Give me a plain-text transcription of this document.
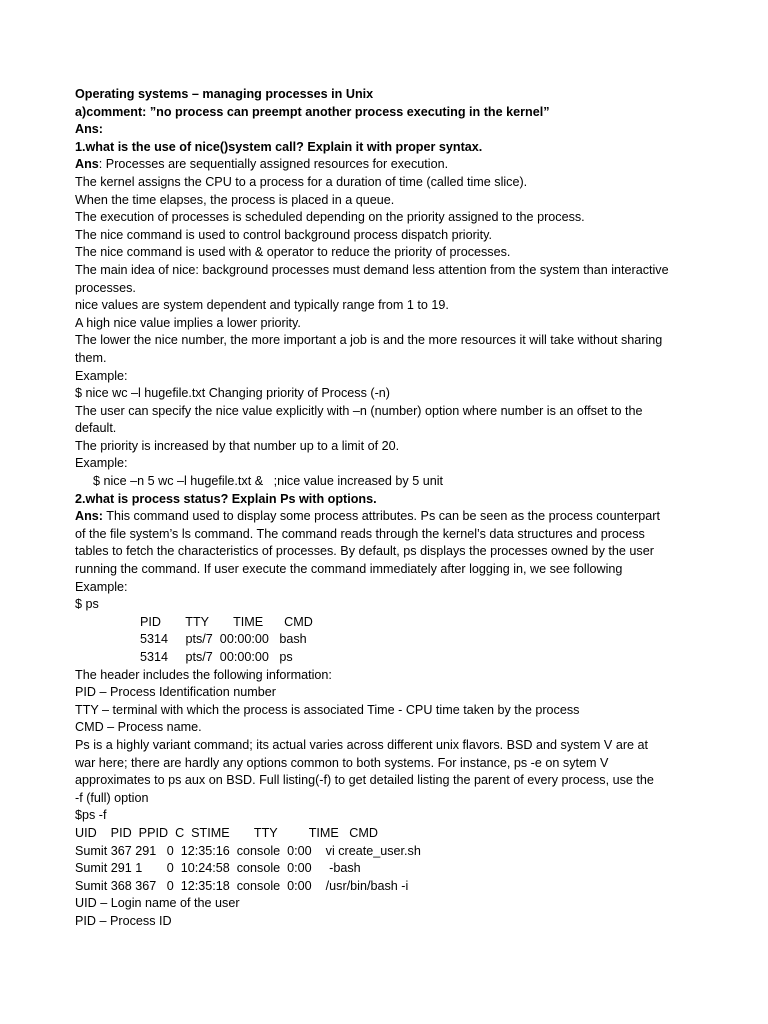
Operating systems – managing processes in Unix
a)comment: ”no process can preempt another process executing in the kernel”
Ans:
1.what is the use of nice()system call? Explain it with proper syntax.
Ans: Processes are sequentially assigned resources for execution.
The kernel assigns the CPU to a process for a duration of time (called time slice).
When the time elapses, the process is placed in a queue.
The execution of processes is scheduled depending on the priority assigned to the process.
The nice command is used to control background process dispatch priority.
The nice command is used with & operator to reduce the priority of processes.
The main idea of nice: background processes must demand less attention from the system than interactive
processes.
nice values are system dependent and typically range from 1 to 19.
A high nice value implies a lower priority.
The lower the nice number, the more important a job is and the more resources it will take without sharing
them.
Example:
$ nice wc –l hugefile.txt Changing priority of Process (-n)
The user can specify the nice value explicitly with –n (number) option where number is an offset to the
default.
The priority is increased by that number up to a limit of 20.
Example:
$ nice –n 5 wc –l hugefile.txt &   ;nice value increased by 5 unit
2.what is process status? Explain Ps with options.
Ans: This command used to display some process attributes. Ps can be seen as the process counterpart
of the file system’s ls command. The command reads through the kernel’s data structures and process
tables to fetch the characteristics of processes. By default, ps displays the processes owned by the user
running the command. If user execute the command immediately after logging in, we see following
Example:
$ ps
PID       TTY       TIME      CMD
5314     pts/7  00:00:00   bash
5314     pts/7  00:00:00   ps
The header includes the following information:
PID – Process Identification number
TTY – terminal with which the process is associated Time - CPU time taken by the process
CMD – Process name.
Ps is a highly variant command; its actual varies across different unix flavors. BSD and system V are at
war here; there are hardly any options common to both systems. For instance, ps -e on sytem V
approximates to ps aux on BSD. Full listing(-f) to get detailed listing the parent of every process, use the
-f (full) option
$ps -f
UID    PID  PPID  C  STIME       TTY         TIME   CMD
Sumit 367 291   0  12:35:16  console  0:00    vi create_user.sh
Sumit 291 1       0  10:24:58  console  0:00     -bash
Sumit 368 367   0  12:35:18  console  0:00    /usr/bin/bash -i
UID – Login name of the user
PID – Process ID
